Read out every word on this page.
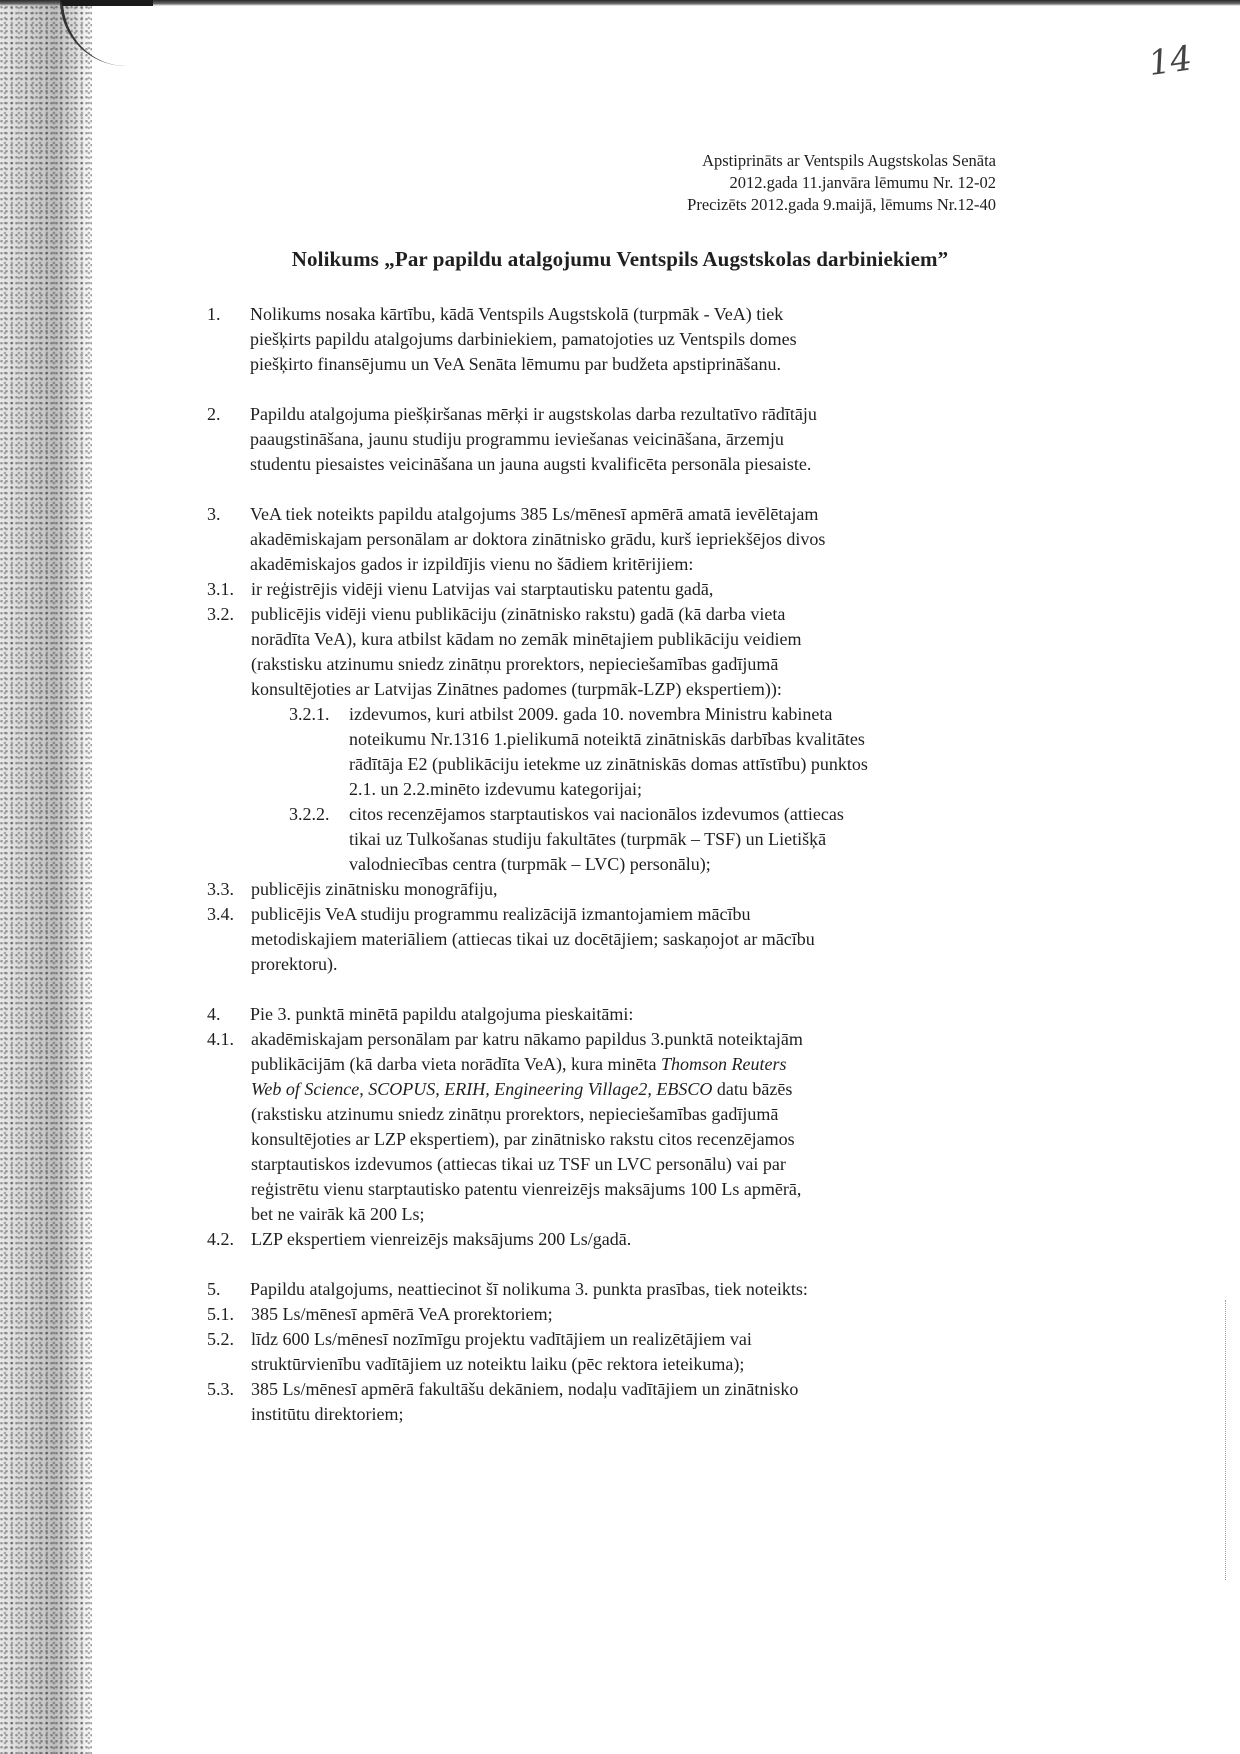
14
Apstiprināts ar Ventspils Augstskolas Senāta
2012.gada 11.janvāra lēmumu Nr. 12-02
Precizēts 2012.gada 9.maijā, lēmums Nr.12-40
Nolikums „Par papildu atalgojumu Ventspils Augstskolas darbiniekiem”
1. Nolikums nosaka kārtību, kādā Ventspils Augstskolā (turpmāk - VeA) tiek
piešķirts papildu atalgojums darbiniekiem, pamatojoties uz Ventspils domes
piešķirto finansējumu un VeA Senāta lēmumu par budžeta apstiprināšanu.
2. Papildu atalgojuma piešķiršanas mērķi ir augstskolas darba rezultatīvo rādītāju
paaugstināšana, jaunu studiju programmu ieviešanas veicināšana, ārzemju
studentu piesaistes veicināšana un jauna augsti kvalificēta personāla piesaiste.
3. VeA tiek noteikts papildu atalgojums 385 Ls/mēnesī apmērā amatā ievēlētajam
akadēmiskajam personālam ar doktora zinātnisko grādu, kurš iepriekšējos divos
akadēmiskajos gados ir izpildījis vienu no šādiem kritērijiem:
3.1. ir reģistrējis vidēji vienu Latvijas vai starptautisku patentu gadā,
3.2. publicējis vidēji vienu publikāciju (zinātnisko rakstu) gadā (kā darba vieta
norādīta VeA), kura atbilst kādam no zemāk minētajiem publikāciju veidiem
(rakstisku atzinumu sniedz zinātņu prorektors, nepieciešamības gadījumā
konsultējoties ar Latvijas Zinātnes padomes (turpmāk-LZP) ekspertiem)):
3.2.1. izdevumos, kuri atbilst 2009. gada 10. novembra Ministru kabineta
noteikumu Nr.1316 1.pielikumā noteiktā zinātniskās darbības kvalitātes
rādītāja E2 (publikāciju ietekme uz zinātniskās domas attīstību) punktos
2.1. un 2.2.minēto izdevumu kategorijai;
3.2.2. citos recenzējamos starptautiskos vai nacionālos izdevumos (attiecas
tikai uz Tulkošanas studiju fakultātes (turpmāk – TSF) un Lietišķā
valodniecības centra (turpmāk – LVC) personālu);
3.3. publicējis zinātnisku monogrāfiju,
3.4. publicējis VeA studiju programmu realizācijā izmantojamiem mācību
metodiskajiem materiāliem (attiecas tikai uz docētājiem; saskaņojot ar mācību
prorektoru).
4. Pie 3. punktā minētā papildu atalgojuma pieskaitāmi:
4.1. akadēmiskajam personālam par katru nākamo papildus 3.punktā noteiktajām
publikācijām (kā darba vieta norādīta VeA), kura minēta Thomson Reuters
Web of Science, SCOPUS, ERIH, Engineering Village2, EBSCO datu bāzēs
(rakstisku atzinumu sniedz zinātņu prorektors, nepieciešamības gadījumā
konsultējoties ar LZP ekspertiem), par zinātnisko rakstu citos recenzējamos
starptautiskos izdevumos (attiecas tikai uz TSF un LVC personālu) vai par
reģistrētu vienu starptautisko patentu vienreizējs maksājums 100 Ls apmērā,
bet ne vairāk kā 200 Ls;
4.2. LZP ekspertiem vienreizējs maksājums 200 Ls/gadā.
5. Papildu atalgojums, neattiecinot šī nolikuma 3. punkta prasības, tiek noteikts:
5.1. 385 Ls/mēnesī apmērā VeA prorektoriem;
5.2. līdz 600 Ls/mēnesī nozīmīgu projektu vadītājiem un realizētājiem vai
struktūrvienību vadītājiem uz noteiktu laiku (pēc rektora ieteikuma);
5.3. 385 Ls/mēnesī apmērā fakultāšu dekāniem, nodaļu vadītājiem un zinātnisko
institūtu direktoriem;
